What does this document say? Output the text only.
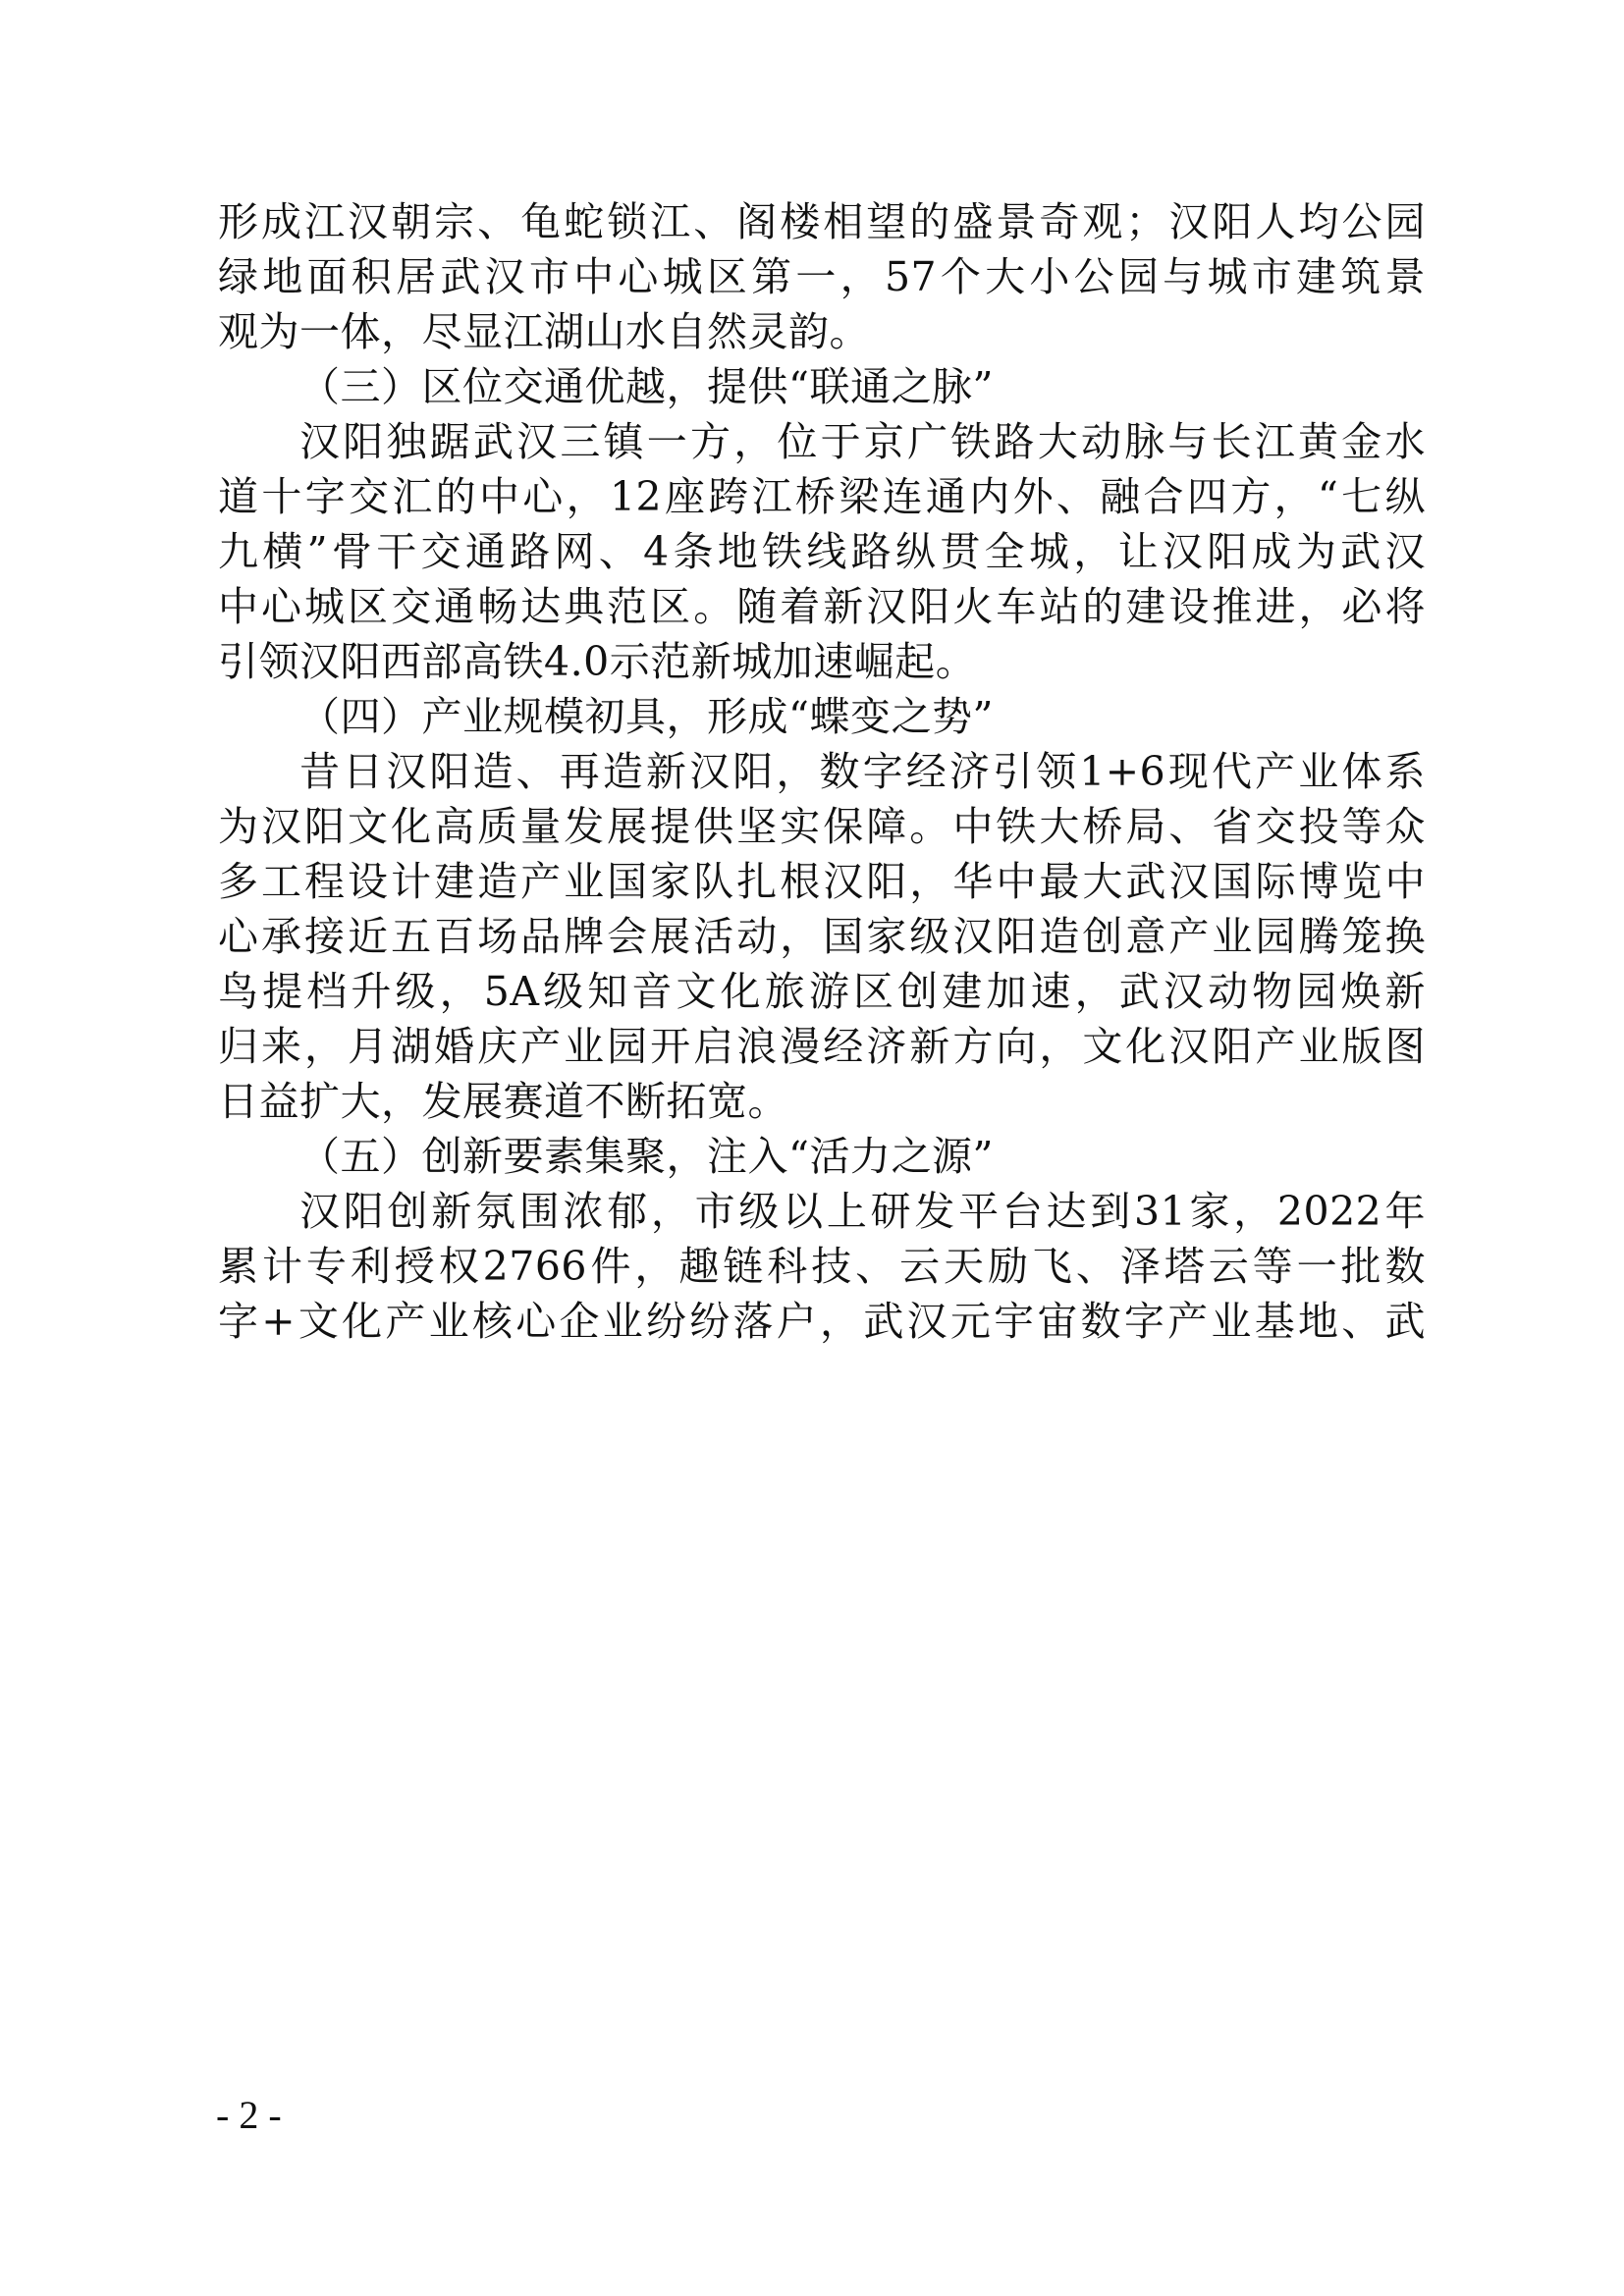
形成江汉朝宗、龟蛇锁江、阁楼相望的盛景奇观；汉阳人均公园
绿地面积居武汉市中心城区第一，57个大小公园与城市建筑景
观为一体，尽显江湖山水自然灵韵。
（三）区位交通优越，提供“联通之脉”
汉阳独踞武汉三镇一方，位于京广铁路大动脉与长江黄金水
道十字交汇的中心，12座跨江桥梁连通内外、融合四方，“七纵
九横”骨干交通路网、4条地铁线路纵贯全城，让汉阳成为武汉
中心城区交通畅达典范区。随着新汉阳火车站的建设推进，必将
引领汉阳西部高铁4.0示范新城加速崛起。
（四）产业规模初具，形成“蝶变之势”
昔日汉阳造、再造新汉阳，数字经济引领1+6现代产业体系
为汉阳文化高质量发展提供坚实保障。中铁大桥局、省交投等众
多工程设计建造产业国家队扎根汉阳，华中最大武汉国际博览中
心承接近五百场品牌会展活动，国家级汉阳造创意产业园腾笼换
鸟提档升级，5A级知音文化旅游区创建加速，武汉动物园焕新
归来，月湖婚庆产业园开启浪漫经济新方向，文化汉阳产业版图
日益扩大，发展赛道不断拓宽。
（五）创新要素集聚，注入“活力之源”
汉阳创新氛围浓郁，市级以上研发平台达到31家，2022年
累计专利授权2766件，趣链科技、云天励飞、泽塔云等一批数
字+文化产业核心企业纷纷落户，武汉元宇宙数字产业基地、武
- 2 -
